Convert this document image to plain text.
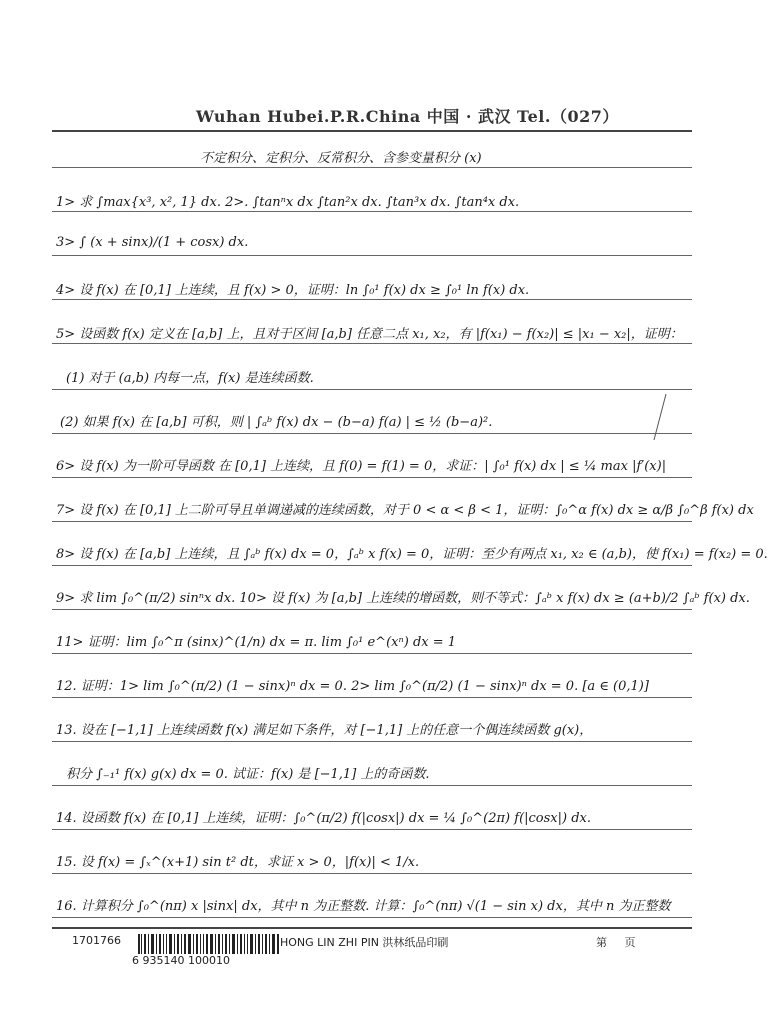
Wuhan Hubei.P.R.China 中国 · 武汉 Tel.（027）
不定积分、定积分、反常积分、含参变量积分 (x)
1> 求 ∫max{x³, x², 1} dx. 2>. ∫tanⁿx dx ∫tan²x dx. ∫tan³x dx. ∫tan⁴x dx.
3> ∫ (x + sinx)/(1 + cosx) dx.
4> 设 f(x) 在 [0,1] 上连续，且 f(x) > 0，证明：ln ∫₀¹ f(x) dx ≥ ∫₀¹ ln f(x) dx.
5> 设函数 f(x) 定义在 [a,b] 上，且对于区间 [a,b] 任意二点 x₁, x₂，有 |f(x₁) − f(x₂)| ≤ |x₁ − x₂|，证明：
(1) 对于 (a,b) 内每一点，f(x) 是连续函数.
(2) 如果 f(x) 在 [a,b] 可积，则 | ∫ₐᵇ f(x) dx − (b−a) f(a) | ≤ ½ (b−a)².
6> 设 f(x) 为一阶可导函数 在 [0,1] 上连续，且 f(0) = f(1) = 0，求证：| ∫₀¹ f(x) dx | ≤ ¼ max |f′(x)|
7> 设 f(x) 在 [0,1] 上二阶可导且单调递减的连续函数，对于 0 < α < β < 1，证明：∫₀^α f(x) dx ≥ α/β ∫₀^β f(x) dx
8> 设 f(x) 在 [a,b] 上连续，且 ∫ₐᵇ f(x) dx = 0，∫ₐᵇ x f(x) = 0，证明：至少有两点 x₁, x₂ ∈ (a,b)，使 f(x₁) = f(x₂) = 0.
9> 求 lim ∫₀^(π/2) sinⁿx dx. 10> 设 f(x) 为 [a,b] 上连续的增函数，则不等式：∫ₐᵇ x f(x) dx ≥ (a+b)/2 ∫ₐᵇ f(x) dx.
11> 证明：lim ∫₀^π (sinx)^(1/n) dx = π. lim ∫₀¹ e^(xⁿ) dx = 1
12. 证明：1> lim ∫₀^(π/2) (1 − sinx)ⁿ dx = 0. 2> lim ∫₀^(π/2) (1 − sinx)ⁿ dx = 0. [a ∈ (0,1)]
13. 设在 [−1,1] 上连续函数 f(x) 满足如下条件，对 [−1,1] 上的任意一个偶连续函数 g(x)，
积分 ∫₋₁¹ f(x) g(x) dx = 0. 试证：f(x) 是 [−1,1] 上的奇函数.
14. 设函数 f(x) 在 [0,1] 上连续，证明：∫₀^(π/2) f(|cosx|) dx = ¼ ∫₀^(2π) f(|cosx|) dx.
15. 设 f(x) = ∫ₓ^(x+1) sin t² dt，求证 x > 0，|f(x)| < 1/x.
16. 计算积分 ∫₀^(nπ) x |sinx| dx，其中 n 为正整数. 计算：∫₀^(nπ) √(1 − sin x) dx，其中 n 为正整数
1701766
6 935140 100010
HONG LIN ZHI PIN 洪林纸品印刷	第     页
